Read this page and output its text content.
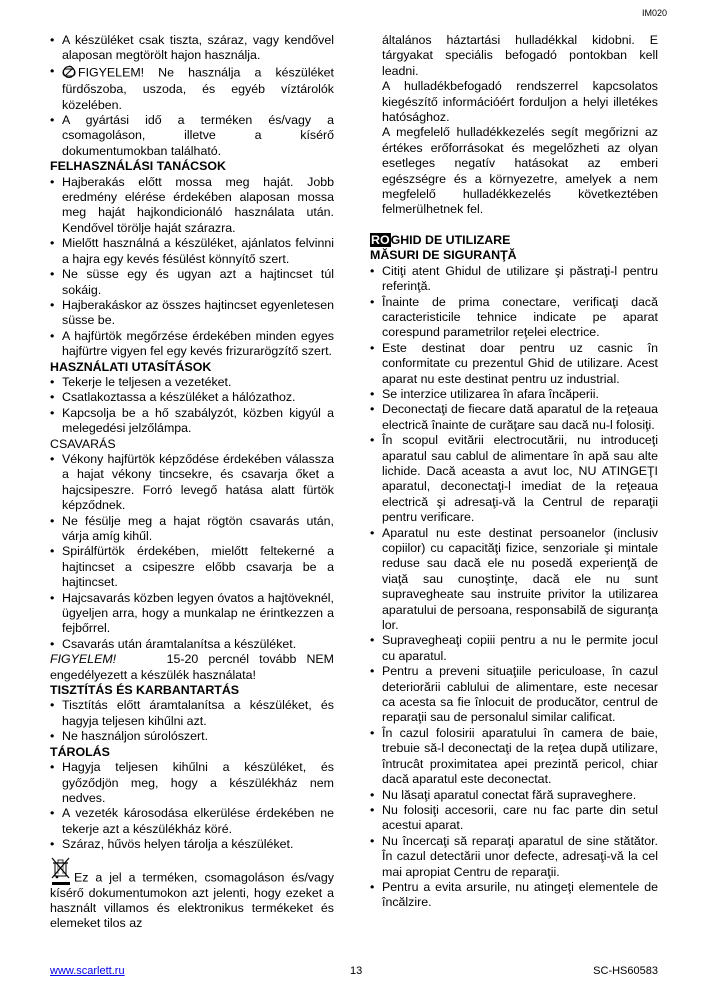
IM020
• A készüléket csak tiszta, száraz, vagy kendővel alaposan megtörölt hajon használja.
• FIGYELEM! Ne használja a készüléket fürdőszoba, uszoda, és egyéb víztárolók közelében.
• A gyártási idő a terméken és/vagy a csomagoláson, illetve a kísérő dokumentumokban található.
FELHASZNÁLÁSI TANÁCSOK
• Hajberakás előtt mossa meg haját. Jobb eredmény elérése érdekében alaposan mossa meg haját hajkondicionáló használata után. Kendővel törölje haját szárazra.
• Mielőtt használná a készüléket, ajánlatos felvinni a hajra egy kevés fésülést könnyítő szert.
• Ne süsse egy és ugyan azt a hajtincset túl sokáig.
• Hajberakáskor az összes hajtincset egyenletesen süsse be.
• A hajfürtök megőrzése érdekében minden egyes hajfürtre vigyen fel egy kevés frizurarögzítő szert.
HASZNÁLATI UTASÍTÁSOK
• Tekerje le teljesen a vezetéket.
• Csatlakoztassa a készüléket a hálózathoz.
• Kapcsolja be a hő szabályzót, közben kigyúl a melegedési jelzőlámpa.
CSAVARÁS
• Vékony hajfürtök képződése érdekében válassza a hajat vékony tincsekre, és csavarja őket a hajcsipeszre. Forró levegő hatása alatt fürtök képződnek.
• Ne fésülje meg a hajat rögtön csavarás után, várja amíg kihűl.
• Spirálfürtök érdekében, mielőtt feltekerné a hajtincset a csipeszre előbb csavarja be a hajtincset.
• Hajcsavarás közben legyen óvatos a hajtöveknél, ügyeljen arra, hogy a munkalap ne érintkezzen a fejbőrrel.
• Csavarás után áramtalanítsa a készüléket.

FIGYELEM!	15-20 percnél tovább NEM engedélyezett a készülék használata!

TISZTÍTÁS ÉS KARBANTARTÁS
• Tisztítás előtt áramtalanítsa a készüléket, és hagyja teljesen kihűlni azt.
• Ne használjon súrolószert.
TÁROLÁS
• Hagyja teljesen kihűlni a készüléket, és győződjön meg, hogy a készülékház nem nedves.
• A vezeték károsodása elkerülése érdekében ne tekerje azt a készülékház köré.
• Száraz, hűvös helyen tárolja a készüléket.

Ez a jel a terméken, csomagoláson és/vagy kísérő dokumentumokon azt jelenti, hogy ezeket a használt villamos és elektronikus termékeket és elemeket tilos az

általános háztartási hulladékkal kidobni. E tárgyakat speciális befogadó pontokban kell leadni.

A hulladékbefogadó rendszerrel kapcsolatos kiegészítő információért forduljon a helyi illetékes hatósághoz.

A megfelelő hulladékkezelés segít megőrizni az értékes erőforrásokat és megelőzheti az olyan esetleges negatív hatásokat az emberi egészségre és a környezetre, amelyek a nem megfelelő hulladékkezelés következtében felmerülhetnek fel.

ROGHID DE UTILIZARE
MĂSURI DE SIGURANŢĂ
• Citiţi atent Ghidul de utilizare şi păstraţi-l pentru referinţă.
• Înainte de prima conectare, verificaţi dacă caracteristicile tehnice indicate pe aparat corespund parametrilor reţelei electrice.
• Este destinat doar pentru uz casnic în conformitate cu prezentul Ghid de utilizare. Acest aparat nu este destinat pentru uz industrial.
• Se interzice utilizarea în afara încăperii.
• Deconectaţi de fiecare dată aparatul de la reţeaua electrică înainte de curăţare sau dacă nu-l folosiţi.
• În scopul evitării electrocutării, nu introduceţi aparatul sau cablul de alimentare în apă sau alte lichide. Dacă aceasta a avut loc, NU ATINGEŢI aparatul, deconectaţi-l imediat de la reţeaua electrică şi adresaţi-vă la Centrul de reparaţii pentru verificare.
• Aparatul nu este destinat persoanelor (inclusiv copiilor) cu capacităţi fizice, senzoriale şi mintale reduse sau dacă ele nu posedă experienţă de viaţă sau cunoştinţe, dacă ele nu sunt supravegheate sau instruite privitor la utilizarea aparatului de persoana, responsabilă de siguranţa lor.
• Supravegheaţi copiii pentru a nu le permite jocul cu aparatul.
• Pentru a preveni situaţiile periculoase, în cazul deteriorării cablului de alimentare, este necesar ca acesta sa fie înlocuit de producător, centrul de reparaţii sau de personalul similar calificat.
• În cazul folosirii aparatului în camera de baie, trebuie să-l deconectaţi de la reţea după utilizare, întrucât proximitatea apei prezintă pericol, chiar dacă aparatul este deconectat.
• Nu lăsaţi aparatul conectat fără supraveghere.
• Nu folosiţi accesorii, care nu fac parte din setul acestui aparat.
• Nu încercaţi să reparaţi aparatul de sine stătător. În cazul detectării unor defecte, adresaţi-vă la cel mai apropiat Centru de reparaţii.
• Pentru a evita arsurile, nu atingeţi elementele de încălzire.
www.scarlett.ru	13	SC-HS60583
